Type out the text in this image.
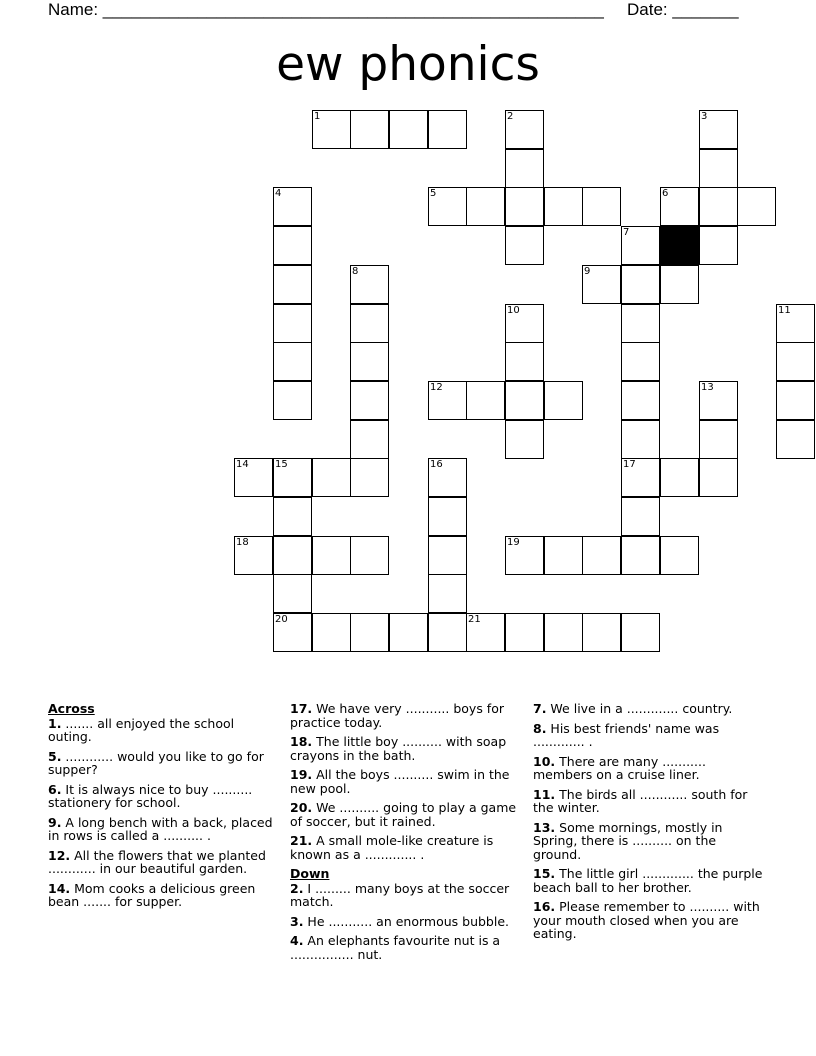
Name: _____________________________________________________ Date: _______
ew phonics
1	2	3
4	5	6
7
8	9
10	11
12	13
14	15	16	17
18	19
20	21
Across
1. ....... all enjoyed the school outing.
5. ............ would you like to go for supper?
6. It is always nice to buy .......... stationery for school.
9. A long bench with a back, placed in rows is called a .......... .
12. All the flowers that we planted ............ in our beautiful garden.
14. Mom cooks a delicious green bean ....... for supper.
17. We have very ........... boys for practice today.
18. The little boy .......... with soap crayons in the bath.
19. All the boys .......... swim in the new pool.
20. We .......... going to play a game of soccer, but it rained.
21. A small mole-like creature is known as a ............. .
Down
2. I ......... many boys at the soccer match.
3. He ........... an enormous bubble.
4. An elephants favourite nut is a ................ nut.
7. We live in a ............. country.
8. His best friends' name was ............. .
10. There are many ........... members on a cruise liner.
11. The birds all ............ south for the winter.
13. Some mornings, mostly in Spring, there is .......... on the ground.
15. The little girl ............. the purple beach ball to her brother.
16. Please remember to .......... with your mouth closed when you are eating.
